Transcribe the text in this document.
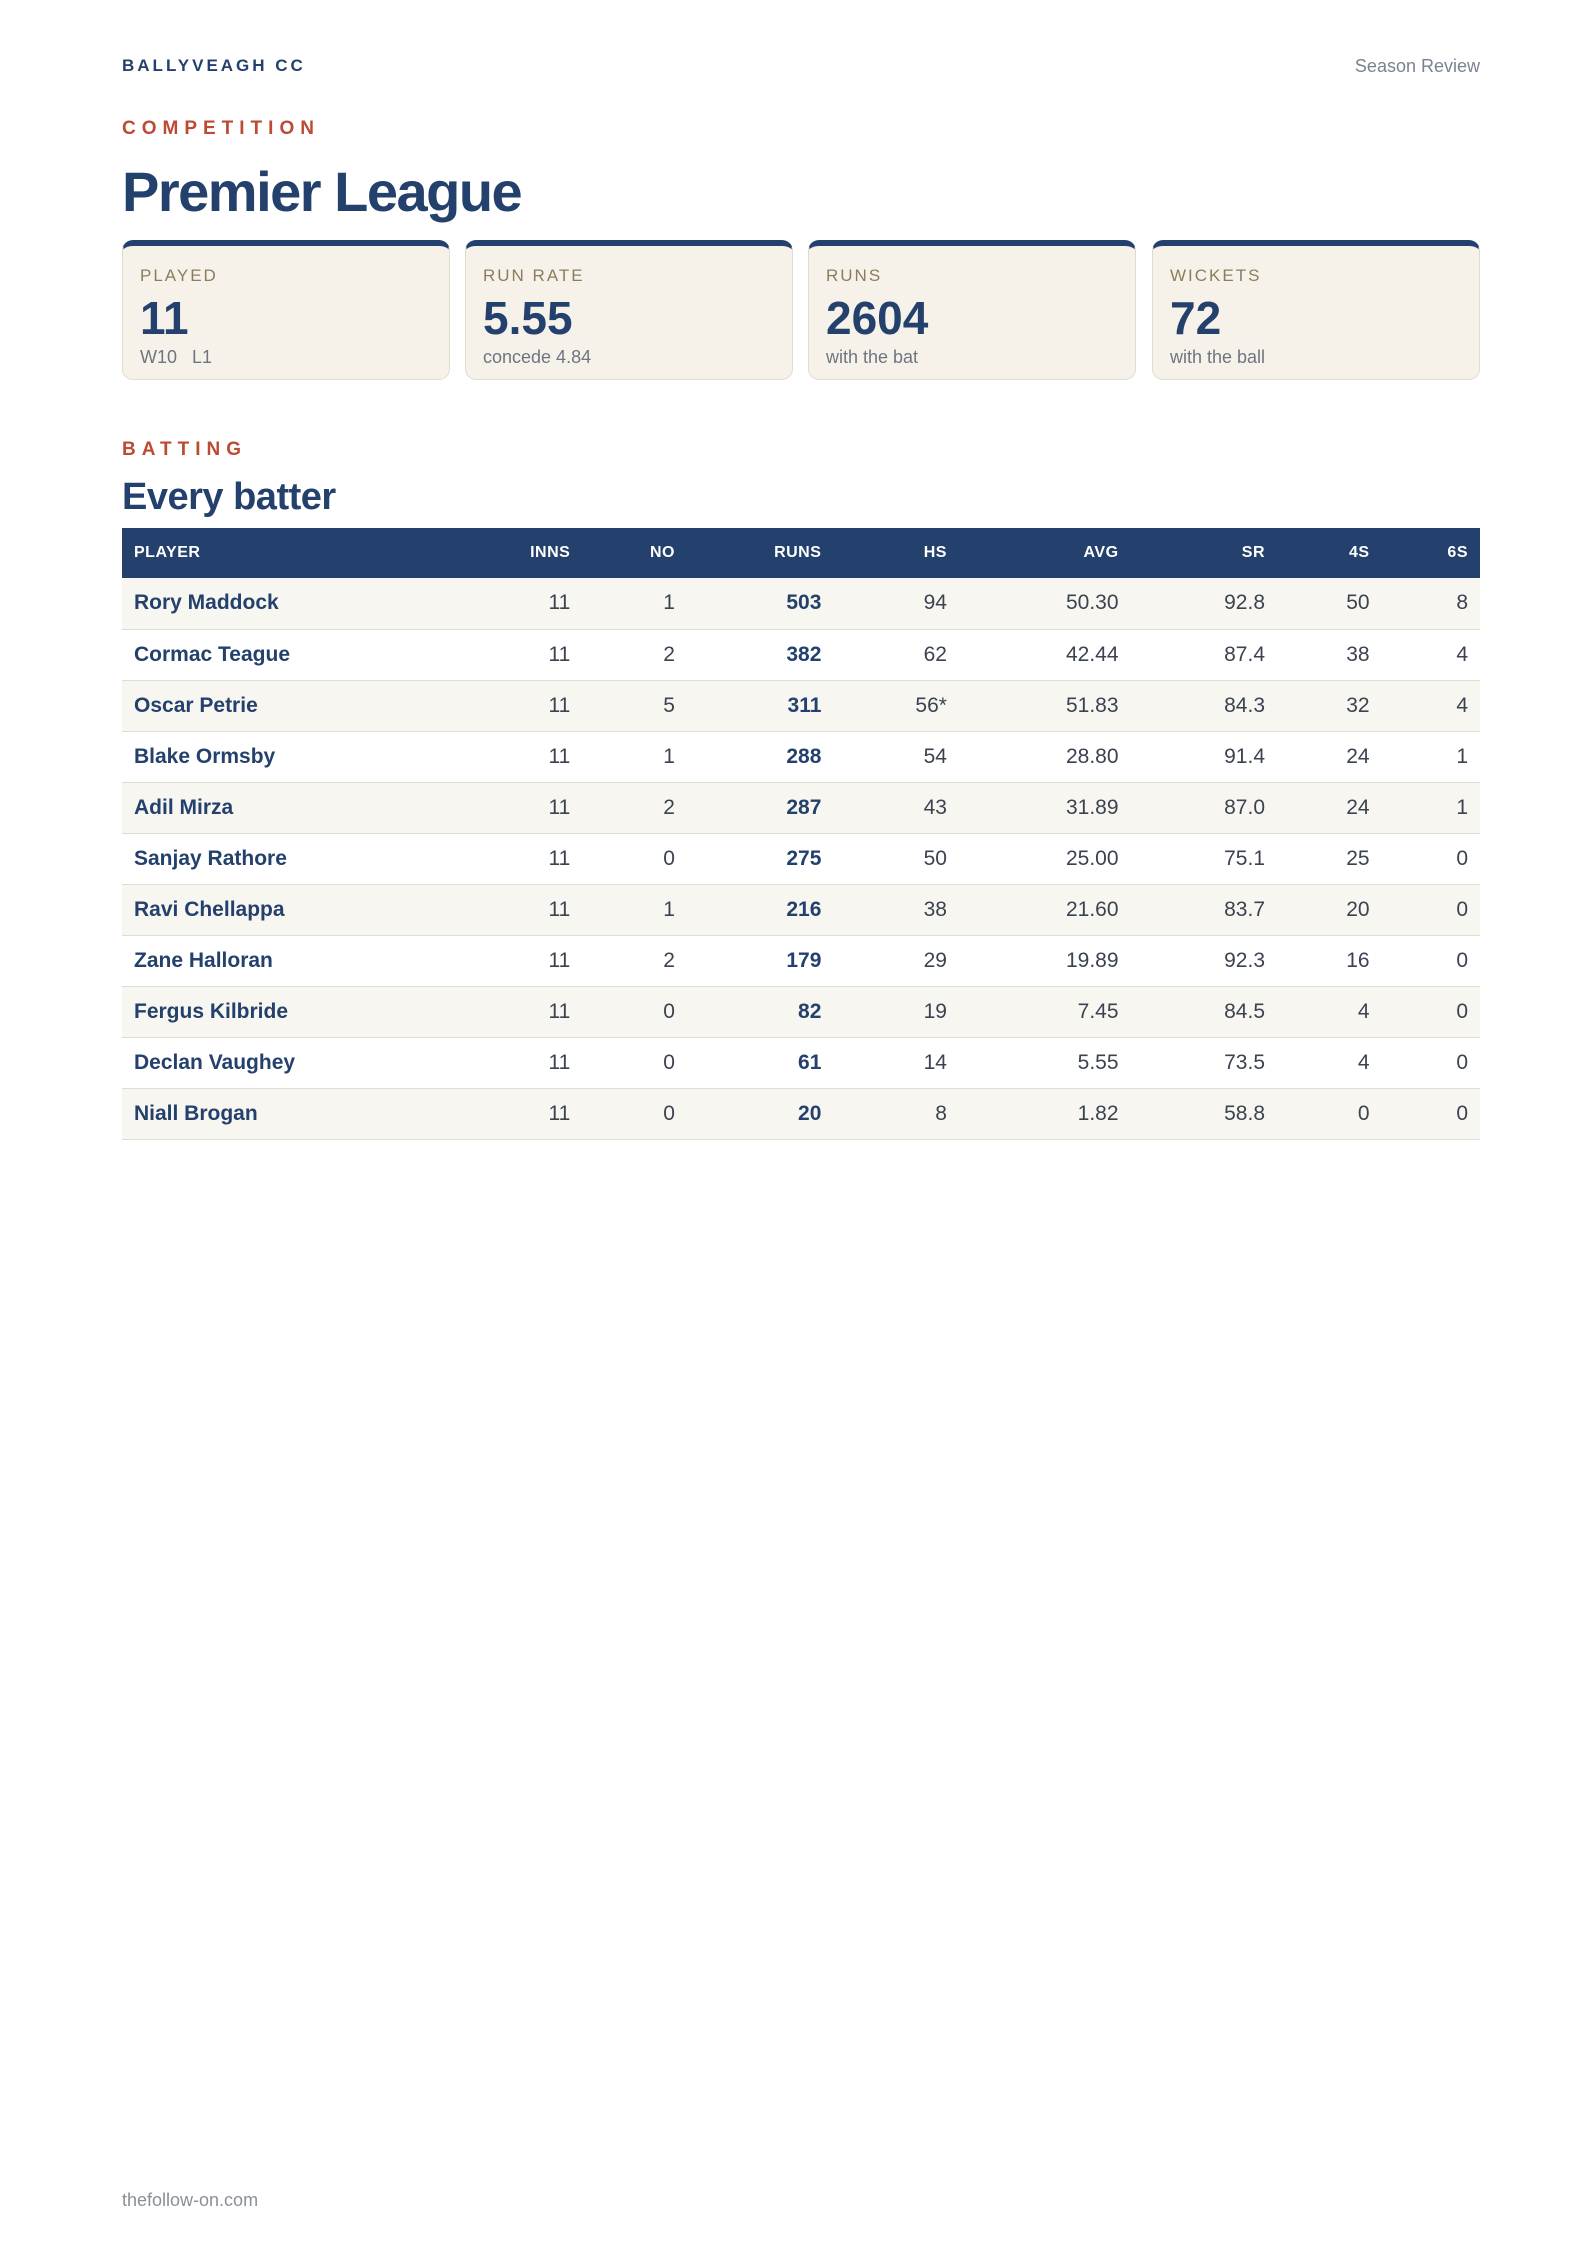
BALLYVEAGH CC	Season Review
COMPETITION
Premier League
PLAYED
11
W10   L1
RUN RATE
5.55
concede 4.84
RUNS
2604
with the bat
WICKETS
72
with the ball
BATTING
Every batter
PLAYER	INNS	NO	RUNS	HS	AVG	SR	4S	6S
Rory Maddock	11	1	503	94	50.30	92.8	50	8
Cormac Teague	11	2	382	62	42.44	87.4	38	4
Oscar Petrie	11	5	311	56*	51.83	84.3	32	4
Blake Ormsby	11	1	288	54	28.80	91.4	24	1
Adil Mirza	11	2	287	43	31.89	87.0	24	1
Sanjay Rathore	11	0	275	50	25.00	75.1	25	0
Ravi Chellappa	11	1	216	38	21.60	83.7	20	0
Zane Halloran	11	2	179	29	19.89	92.3	16	0
Fergus Kilbride	11	0	82	19	7.45	84.5	4	0
Declan Vaughey	11	0	61	14	5.55	73.5	4	0
Niall Brogan	11	0	20	8	1.82	58.8	0	0
thefollow-on.com
